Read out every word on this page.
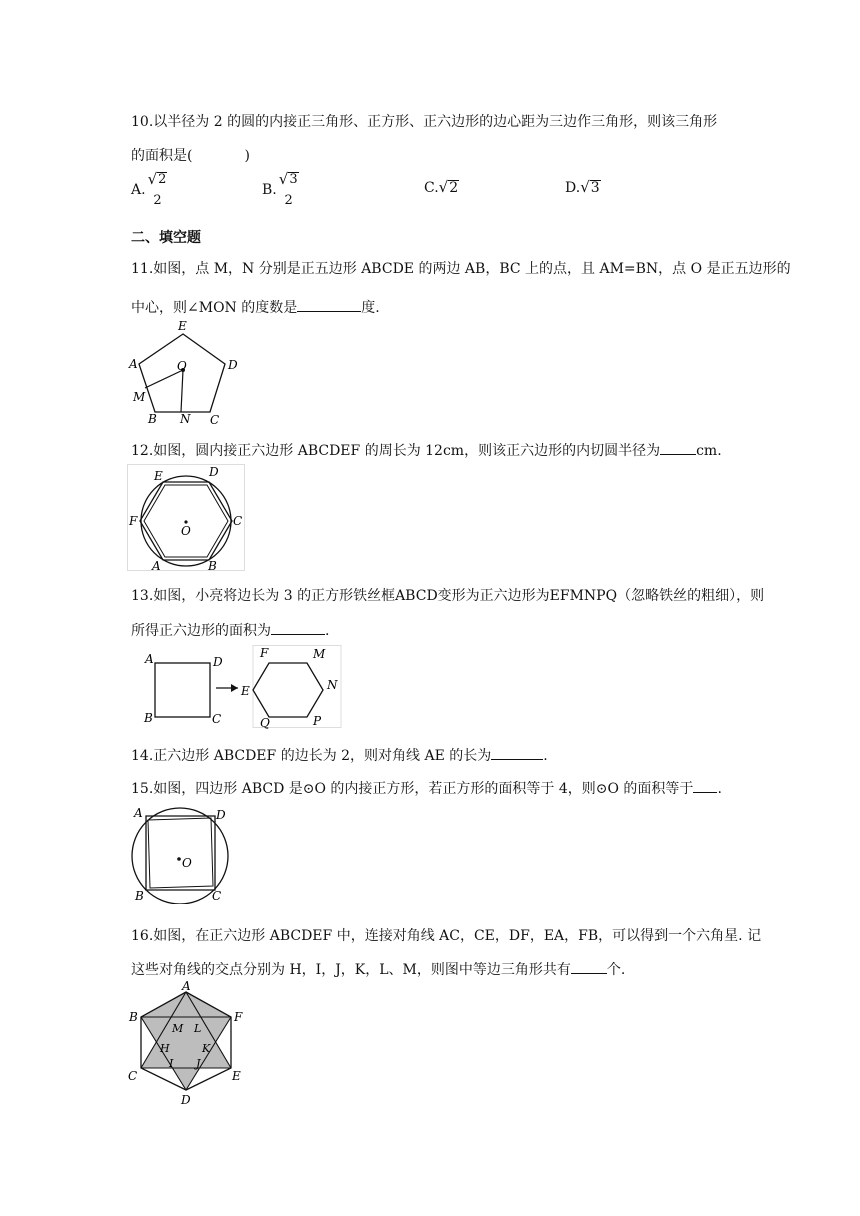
10.以半径为 2 的圆的内接正三角形、正方形、正六边形的边心距为三边作三角形，则该三角形
的面积是(	)
A.
√ 2
2
B.
√ 3
2
C. √ 2	D. √ 3
二、填空题
11.如图，点 M，N 分别是正五边形 ABCDE 的两边 AB，BC 上的点，且 AM=BN，点 O 是正五边形的
中心，则∠MON 的度数是	度.
E
D
C
N
B
M
A	O
12.如图，圆内接正六边形 ABCDEF 的周长为 12cm，则该正六边形的内切圆半径为	cm.
E	D
C
B
A
F
O
13.如图，小亮将边长为 3 的正方形铁丝框ABCD变形为正六边形为EFMNPQ（忽略铁丝的粗细），则
所得正六边形的面积为	.
A	D
B	C
F	M
N
E
Q	P
14.正六边形 ABCDEF 的边长为 2，则对角线 AE 的长为	.
15.如图，四边形 ABCD 是⊙O 的内接正方形，若正方形的面积等于 4，则⊙O 的面积等于 .
A	D
B	C
O
16.如图，在正六边形 ABCDEF 中，连接对角线 AC，CE，DF，EA，FB，可以得到一个六角星. 记
这些对角线的交点分别为 H，I，J，K，L、M，则图中等边三角形共有	个.
A
B	F
C	E
D
M L
H	K
I J
